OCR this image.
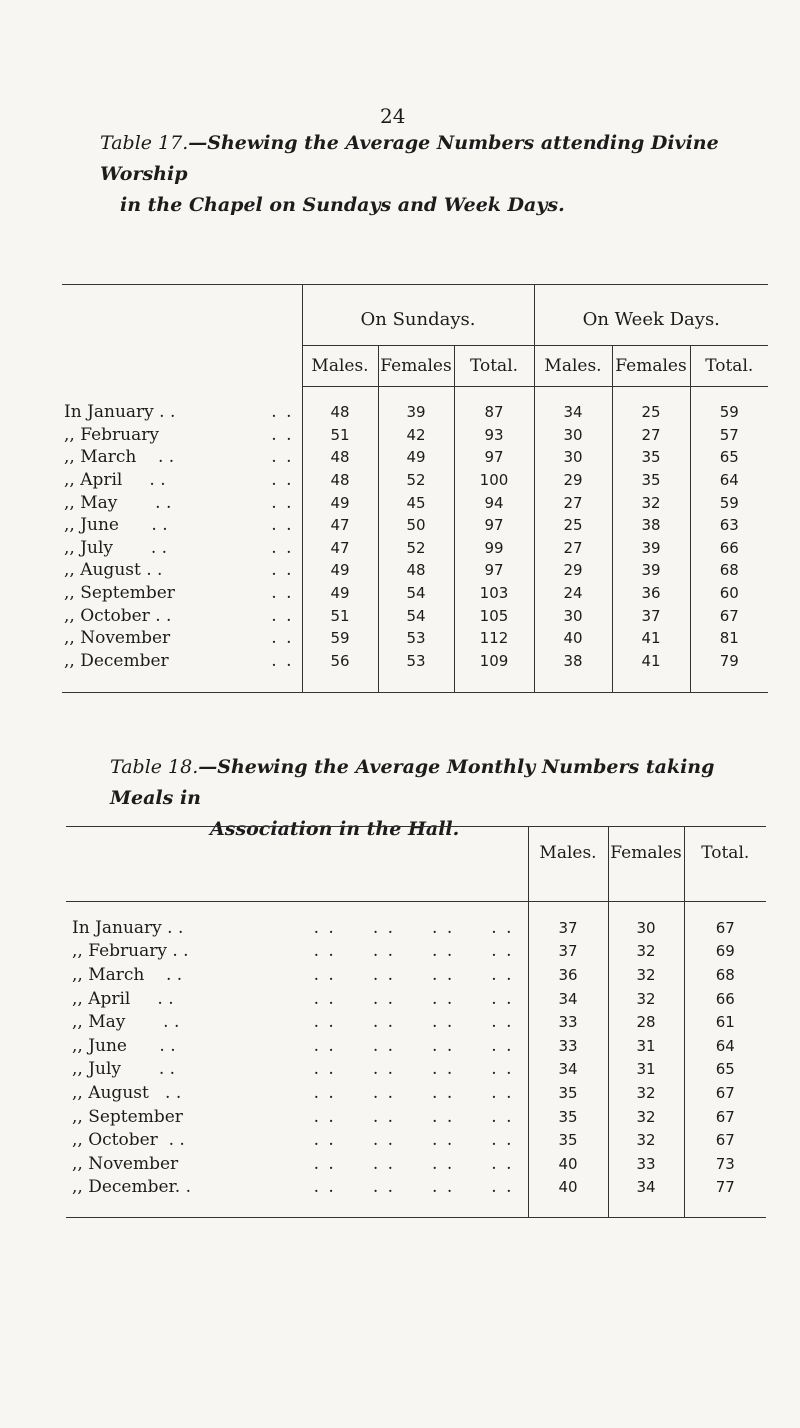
24
Table 17.—Shewing the Average Numbers attending Divine Worship
in the Chapel on Sundays and Week Days.
	On Sundays.			On Week Days.		
	Males.	Females	Total.	Males.	Females	Total.
In January . . . .	48	39	87	34	25	59
,, February . .	51	42	93	30	27	57
,, March    . . . .	48	49	97	30	35	65
,, April     . . . .	48	52	100	29	35	64
,, May       . . . .	49	45	94	27	32	59
,, June      . . . .	47	50	97	25	38	63
,, July       . . . .	47	52	99	27	39	66
,, August . . . .	49	48	97	29	39	68
,, September . .	49	54	103	24	36	60
,, October . . . .	51	54	105	30	37	67
,, November . .	59	53	112	40	41	81
,, December . .	56	53	109	38	41	79
Table 18.—Shewing the Average Monthly Numbers taking Meals in
Association in the Hall.
	Males.	Females	Total.
In January . . . .     . .     . .     . .	37	30	67
,, February . . . .     . .     . .     . .	37	32	69
,, March    . . . .     . .     . .     . .	36	32	68
,, April     . . . .     . .     . .     . .	34	32	66
,, May       . . . .     . .     . .     . .	33	28	61
,, June      . . . .     . .     . .     . .	33	31	64
,, July       . . . .     . .     . .     . .	34	31	65
,, August   . . . .     . .     . .     . .	35	32	67
,, September . .     . .     . .     . .	35	32	67
,, October  . . . .     . .     . .     . .	35	32	67
,, November . .     . .     . .     . .	40	33	73
,, December. . . .     . .     . .     . .	40	34	77
